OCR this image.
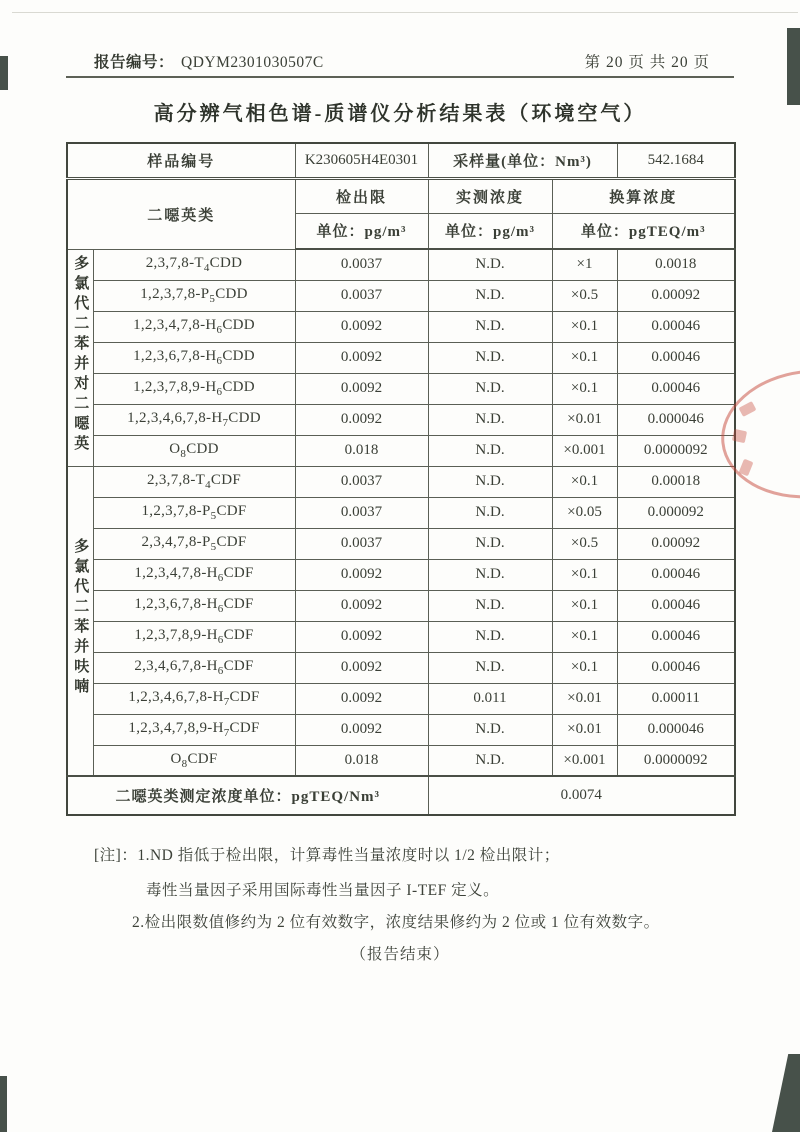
报告编号： QDYM2301030507C	第 20 页 共 20 页
高分辨气相色谱-质谱仪分析结果表（环境空气）
样品编号		K230605H4E0301	采样量(单位：Nm³)		542.1684
二噁英类		检出限	实测浓度	换算浓度	
		单位：pg/m³	单位：pg/m³	单位：pgTEQ/m³	
多氯代二苯并对二噁英	$2,3,7,8-T_4CDD$	0.0037	N.D.	×1	0.0018
	$1,2,3,7,8-P_5CDD$	0.0037	N.D.	×0.5	0.00092
	$1,2,3,4,7,8-H_6CDD$	0.0092	N.D.	×0.1	0.00046
	$1,2,3,6,7,8-H_6CDD$	0.0092	N.D.	×0.1	0.00046
	$1,2,3,7,8,9-H_6CDD$	0.0092	N.D.	×0.1	0.00046
	$1,2,3,4,6,7,8-H_7CDD$	0.0092	N.D.	×0.01	0.000046
	$O_8CDD$	0.018	N.D.	×0.001	0.0000092
多氯代二苯并呋喃	$2,3,7,8-T_4CDF$	0.0037	N.D.	×0.1	0.00018
	$1,2,3,7,8-P_5CDF$	0.0037	N.D.	×0.05	0.000092
	$2,3,4,7,8-P_5CDF$	0.0037	N.D.	×0.5	0.00092
	$1,2,3,4,7,8-H_6CDF$	0.0092	N.D.	×0.1	0.00046
	$1,2,3,6,7,8-H_6CDF$	0.0092	N.D.	×0.1	0.00046
	$1,2,3,7,8,9-H_6CDF$	0.0092	N.D.	×0.1	0.00046
	$2,3,4,6,7,8-H_6CDF$	0.0092	N.D.	×0.1	0.00046
	$1,2,3,4,6,7,8-H_7CDF$	0.0092	0.011	×0.01	0.00011
	$1,2,3,4,7,8,9-H_7CDF$	0.0092	N.D.	×0.01	0.000046
	$O_8CDF$	0.018	N.D.	×0.001	0.0000092
二噁英类测定浓度单位：pgTEQ/Nm³			0.0074		
[注]：1.ND 指低于检出限，计算毒性当量浓度时以 1/2 检出限计；
毒性当量因子采用国际毒性当量因子 I-TEF 定义。
2.检出限数值修约为 2 位有效数字，浓度结果修约为 2 位或 1 位有效数字。
（报告结束）
